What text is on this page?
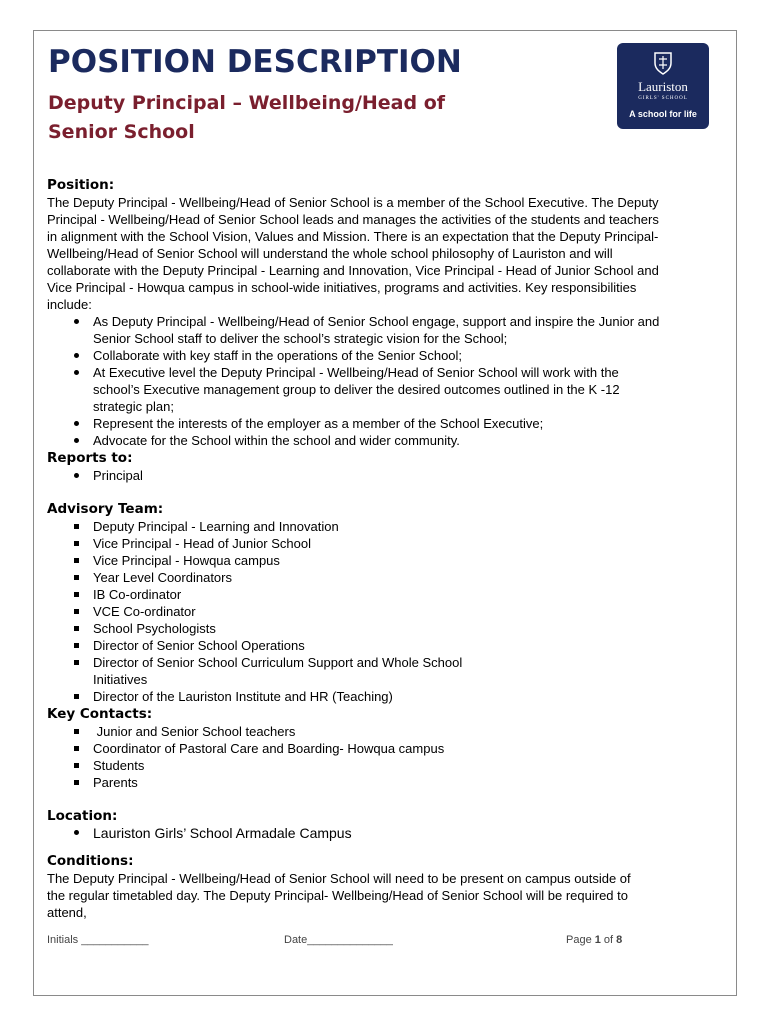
POSITION DESCRIPTION
Deputy Principal – Wellbeing/Head of
Senior School
Lauriston
GIRLS' SCHOOL
A school for life

Position:

The Deputy Principal - Wellbeing/Head of Senior School is a member of the School Executive. The Deputy

Principal - Wellbeing/Head of Senior School leads and manages the activities of the students and teachers

in alignment with the School Vision, Values and Mission. There is an expectation that the Deputy Principal-

Wellbeing/Head of Senior School will understand the whole school philosophy of Lauriston and will

collaborate with the Deputy Principal - Learning and Innovation, Vice Principal - Head of Junior School and

Vice Principal - Howqua campus in school-wide initiatives, programs and activities. Key responsibilities

include:

As Deputy Principal - Wellbeing/Head of Senior School engage, support and inspire the Junior and
Senior School staff to deliver the school’s strategic vision for the School;
Collaborate with key staff in the operations of the Senior School;
At Executive level the Deputy Principal - Wellbeing/Head of Senior School will work with the
school’s Executive management group to deliver the desired outcomes outlined in the K -12
strategic plan;
Represent the interests of the employer as a member of the School Executive;
Advocate for the School within the school and wider community.

Reports to:

Principal

Advisory Team:

Deputy Principal - Learning and Innovation
Vice Principal - Head of Junior School
Vice Principal - Howqua campus
Year Level Coordinators
IB Co-ordinator
VCE Co-ordinator
School Psychologists
Director of Senior School Operations
Director of Senior School Curriculum Support and Whole School
Initiatives
Director of the Lauriston Institute and HR (Teaching)

Key Contacts:

Junior and Senior School teachers
Coordinator of Pastoral Care and Boarding- Howqua campus
Students
Parents

Location:

Lauriston Girls’ School Armadale Campus

Conditions:

The Deputy Principal - Wellbeing/Head of Senior School will need to be present on campus outside of

the regular timetabled day. The Deputy Principal- Wellbeing/Head of Senior School will be required to

attend,

Initials ___________	Date______________	Page 1 of 8
